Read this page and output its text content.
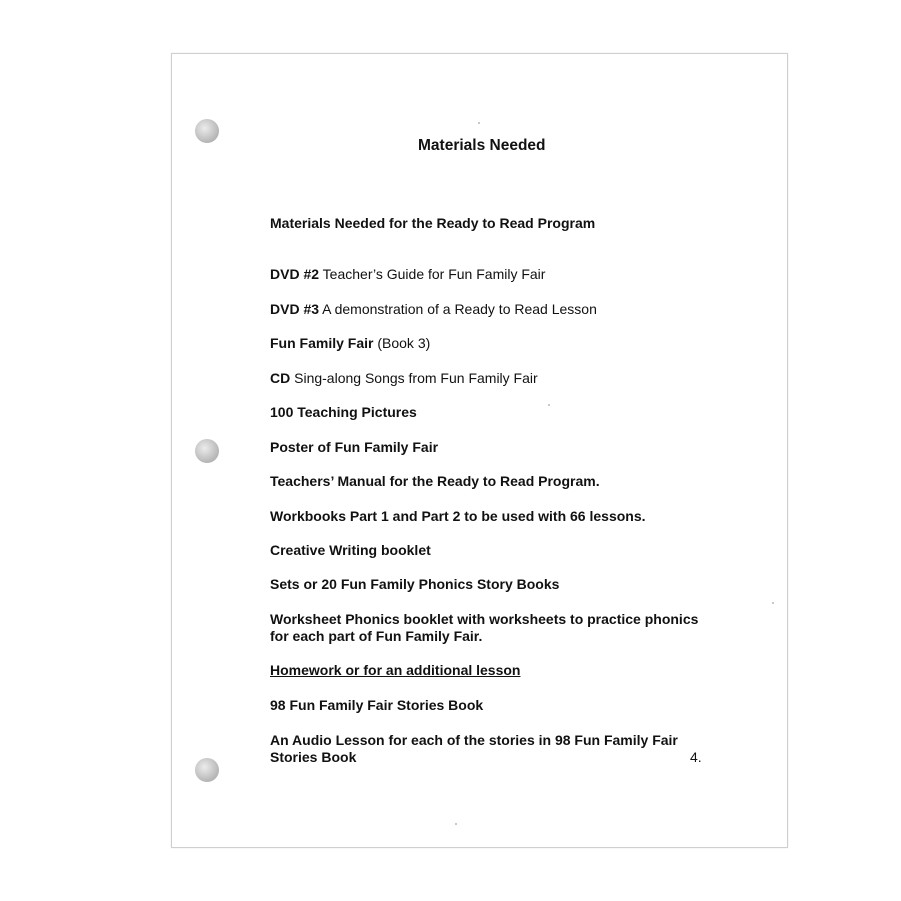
Materials Needed
Materials Needed for the Ready to Read Program
DVD #2 Teacher’s Guide for Fun Family Fair
DVD #3 A demonstration of a Ready to Read Lesson
Fun Family Fair (Book 3)
CD Sing-along Songs from Fun Family Fair
100 Teaching Pictures
Poster of Fun Family Fair
Teachers’ Manual for the Ready to Read Program.
Workbooks Part 1 and Part 2 to be used with 66 lessons.
Creative Writing booklet
Sets or 20 Fun Family Phonics Story Books
Worksheet Phonics booklet with worksheets to practice phonics
for each part of Fun Family Fair.
Homework or for an additional lesson
98 Fun Family Fair Stories Book
An Audio Lesson for each of the stories in 98 Fun Family Fair
Stories Book	4.
